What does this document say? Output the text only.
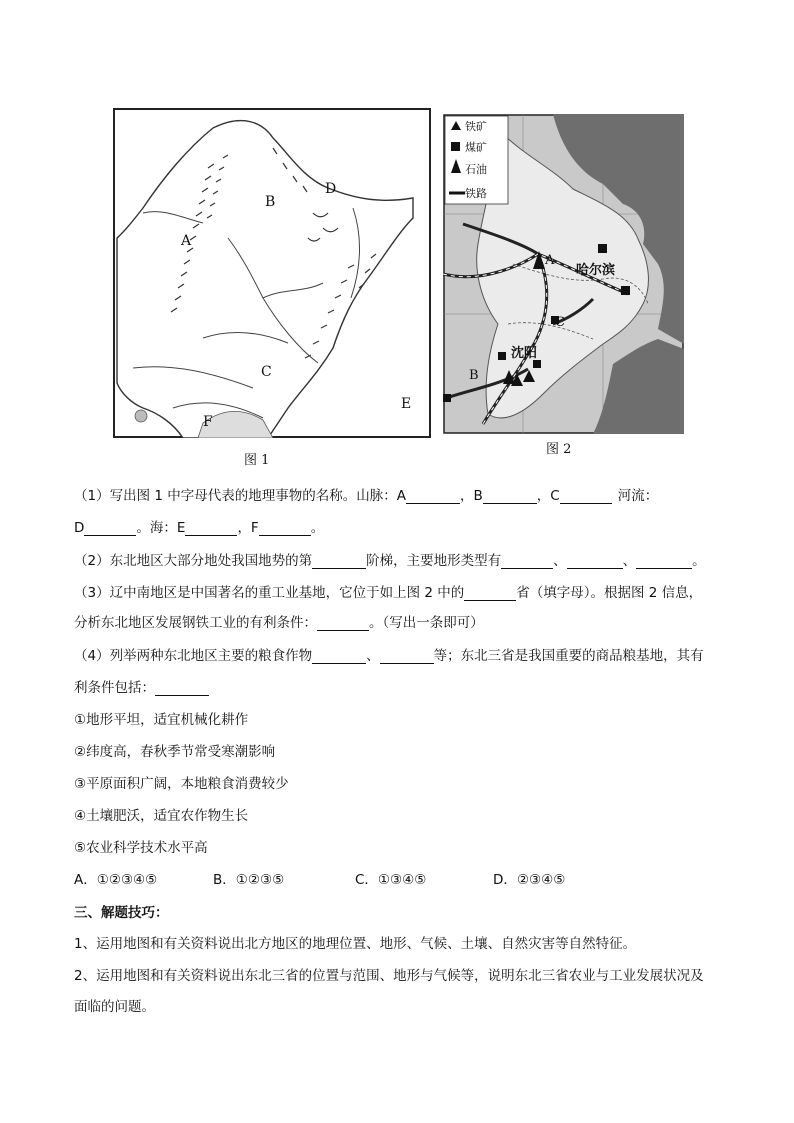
A
B
C
D
E
F
图 1
铁矿
煤矿
石油
铁路
哈尔滨
沈阳
A
B
C
图 2
（1）写出图 1 中字母代表的地理事物的名称。山脉：A	，B	，C	河流：
D	。海：E	，F	。
（2）东北地区大部分地处我国地势的第	阶梯，主要地形类型有	、	、	。
（3）辽中南地区是中国著名的重工业基地，它位于如上图 2 中的	省（填字母）。根据图 2 信息，
分析东北地区发展钢铁工业的有利条件：	。（写出一条即可）
（4）列举两种东北地区主要的粮食作物	、	等；东北三省是我国重要的商品粮基地，其有
利条件包括：
①地形平坦，适宜机械化耕作
②纬度高，春秋季节常受寒潮影响
③平原面积广阔，本地粮食消费较少
④土壤肥沃，适宜农作物生长
⑤农业科学技术水平高
A．①②③④⑤	B．①②③⑤	C．①③④⑤	D．②③④⑤
三、解题技巧：
1、运用地图和有关资料说出北方地区的地理位置、地形、气候、土壤、自然灾害等自然特征。
2、运用地图和有关资料说出东北三省的位置与范围、地形与气候等，说明东北三省农业与工业发展状况及
面临的问题。
